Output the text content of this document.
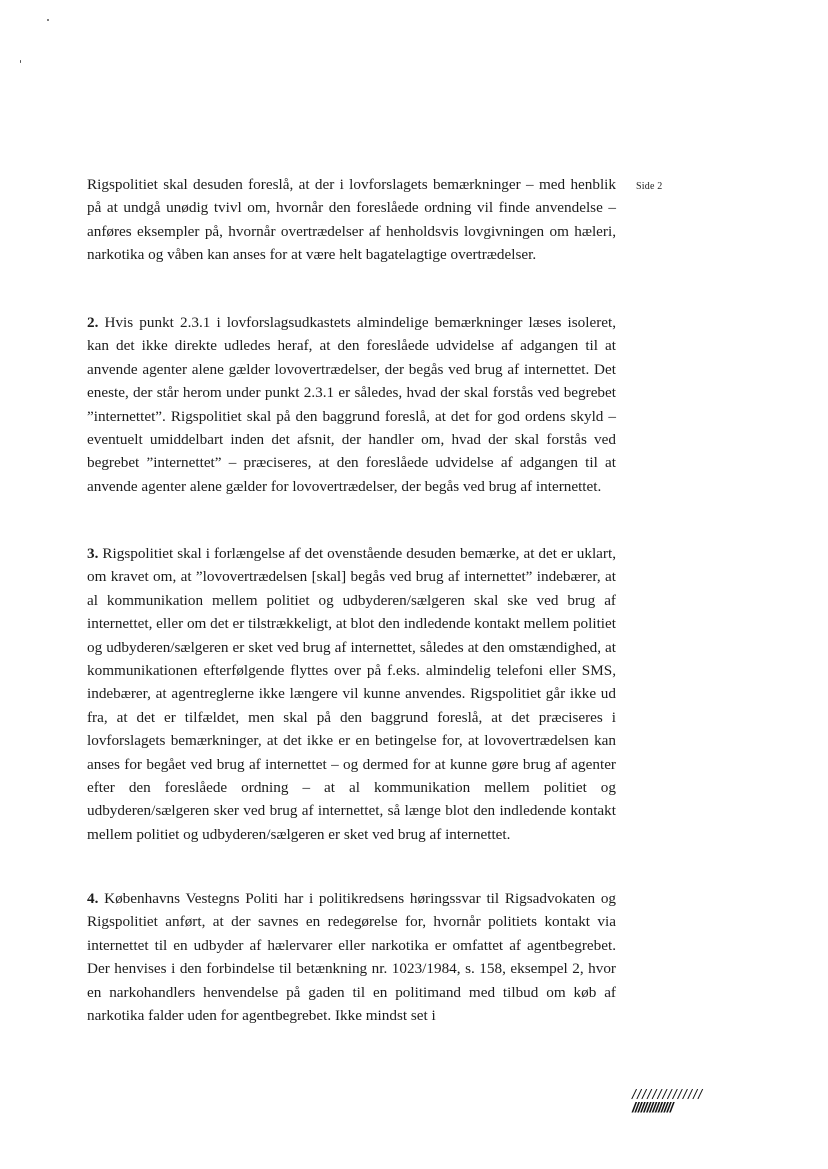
Side 2

Rigspolitiet skal desuden foreslå, at der i lovforslagets bemærkninger – med henblik på at undgå unødig tvivl om, hvornår den foreslåede ordning vil finde anvendelse – anføres eksempler på, hvornår overtrædelser af henholdsvis lovgivningen om hæleri, narkotika og våben kan anses for at være helt bagatelagtige overtrædelser.

2. Hvis punkt 2.3.1 i lovforslagsudkastets almindelige bemærkninger læses isoleret, kan det ikke direkte udledes heraf, at den foreslåede udvidelse af adgangen til at anvende agenter alene gælder lovovertrædelser, der begås ved brug af internettet. Det eneste, der står herom under punkt 2.3.1 er således, hvad der skal forstås ved begrebet ”internettet”. Rigspolitiet skal på den baggrund foreslå, at det for god ordens skyld – eventuelt umiddelbart inden det afsnit, der handler om, hvad der skal forstås ved begrebet ”internettet” – præciseres, at den foreslåede udvidelse af adgangen til at anvende agenter alene gælder for lovovertrædelser, der begås ved brug af internettet.

3. Rigspolitiet skal i forlængelse af det ovenstående desuden bemærke, at det er uklart, om kravet om, at ”lovovertrædelsen [skal] begås ved brug af internettet” indebærer, at al kommunikation mellem politiet og udbyderen/sælgeren skal ske ved brug af internettet, eller om det er tilstrækkeligt, at blot den indledende kontakt mellem politiet og udbyderen/sælgeren er sket ved brug af internettet, således at den omstændighed, at kommunikationen efterfølgende flyttes over på f.eks. almindelig telefoni eller SMS, indebærer, at agentreglerne ikke længere vil kunne anvendes. Rigspolitiet går ikke ud fra, at det er tilfældet, men skal på den baggrund foreslå, at det præciseres i lovforslagets bemærkninger, at det ikke er en betingelse for, at lovovertrædelsen kan anses for begået ved brug af internettet – og dermed for at kunne gøre brug af agenter efter den foreslåede ordning – at al kommunikation mellem politiet og udbyderen/sælgeren sker ved brug af internettet, så længe blot den indledende kontakt mellem politiet og udbyderen/sælgeren er sket ved brug af internettet.

4. Københavns Vestegns Politi har i politikredsens høringssvar til Rigsadvokaten og Rigspolitiet anført, at der savnes en redegørelse for, hvornår politiets kontakt via internettet til en udbyder af hælervarer eller narkotika er omfattet af agentbegrebet. Der henvises i den forbindelse til betænkning nr. 1023/1984, s. 158, eksempel 2, hvor en narkohandlers henvendelse på gaden til en politimand med tilbud om køb af narkotika falder uden for agentbegrebet. Ikke mindst set i

//////////////
//////////////
